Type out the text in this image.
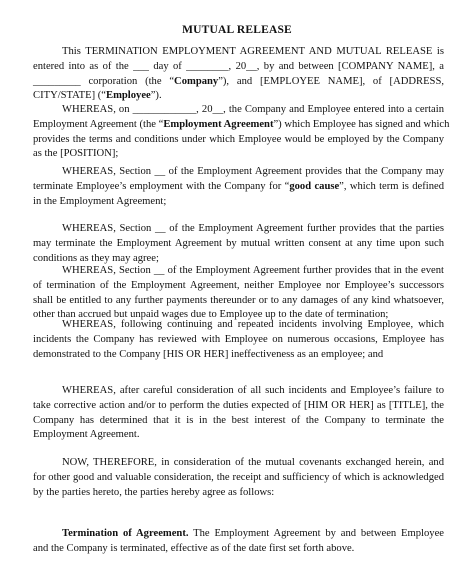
MUTUAL RELEASE
This TERMINATION EMPLOYMENT AGREEMENT AND MUTUAL RELEASE is
entered into as of the ___ day of ________, 20__, by and between [COMPANY NAME], a
_________ corporation (the “Company”), and [EMPLOYEE NAME], of [ADDRESS,
CITY/STATE] (“Employee”).
WHEREAS, on ____________, 20__, the Company and Employee entered into a certain
Employment Agreement (the “Employment Agreement”) which Employee has signed and which
provides the terms and conditions under which Employee would be employed by the Company
as the [POSITION];
WHEREAS, Section __ of the Employment Agreement provides that the Company may
terminate Employee’s employment with the Company for “good cause”, which term is defined
in the Employment Agreement;
WHEREAS, Section __ of the Employment Agreement further provides that the parties
may terminate the Employment Agreement by mutual written consent at any time upon such
conditions as they may agree;
WHEREAS, Section __ of the Employment Agreement further provides that in the event
of termination of the Employment Agreement, neither Employee nor Employee’s successors
shall be entitled to any further payments thereunder or to any damages of any kind whatsoever,
other than accrued but unpaid wages due to Employee up to the date of termination;
WHEREAS, following continuing and repeated incidents involving Employee, which
incidents the Company has reviewed with Employee on numerous occasions, Employee has
demonstrated to the Company [HIS OR HER] ineffectiveness as an employee; and
WHEREAS, after careful consideration of all such incidents and Employee’s failure to
take corrective action and/or to perform the duties expected of [HIM OR HER] as [TITLE], the
Company has determined that it is in the best interest of the Company to terminate the
Employment Agreement.
NOW, THEREFORE, in consideration of the mutual covenants exchanged herein, and
for other good and valuable consideration, the receipt and sufficiency of which is acknowledged
by the parties hereto, the parties hereby agree as follows:
Termination of Agreement. The Employment Agreement by and between Employee
and the Company is terminated, effective as of the date first set forth above.
